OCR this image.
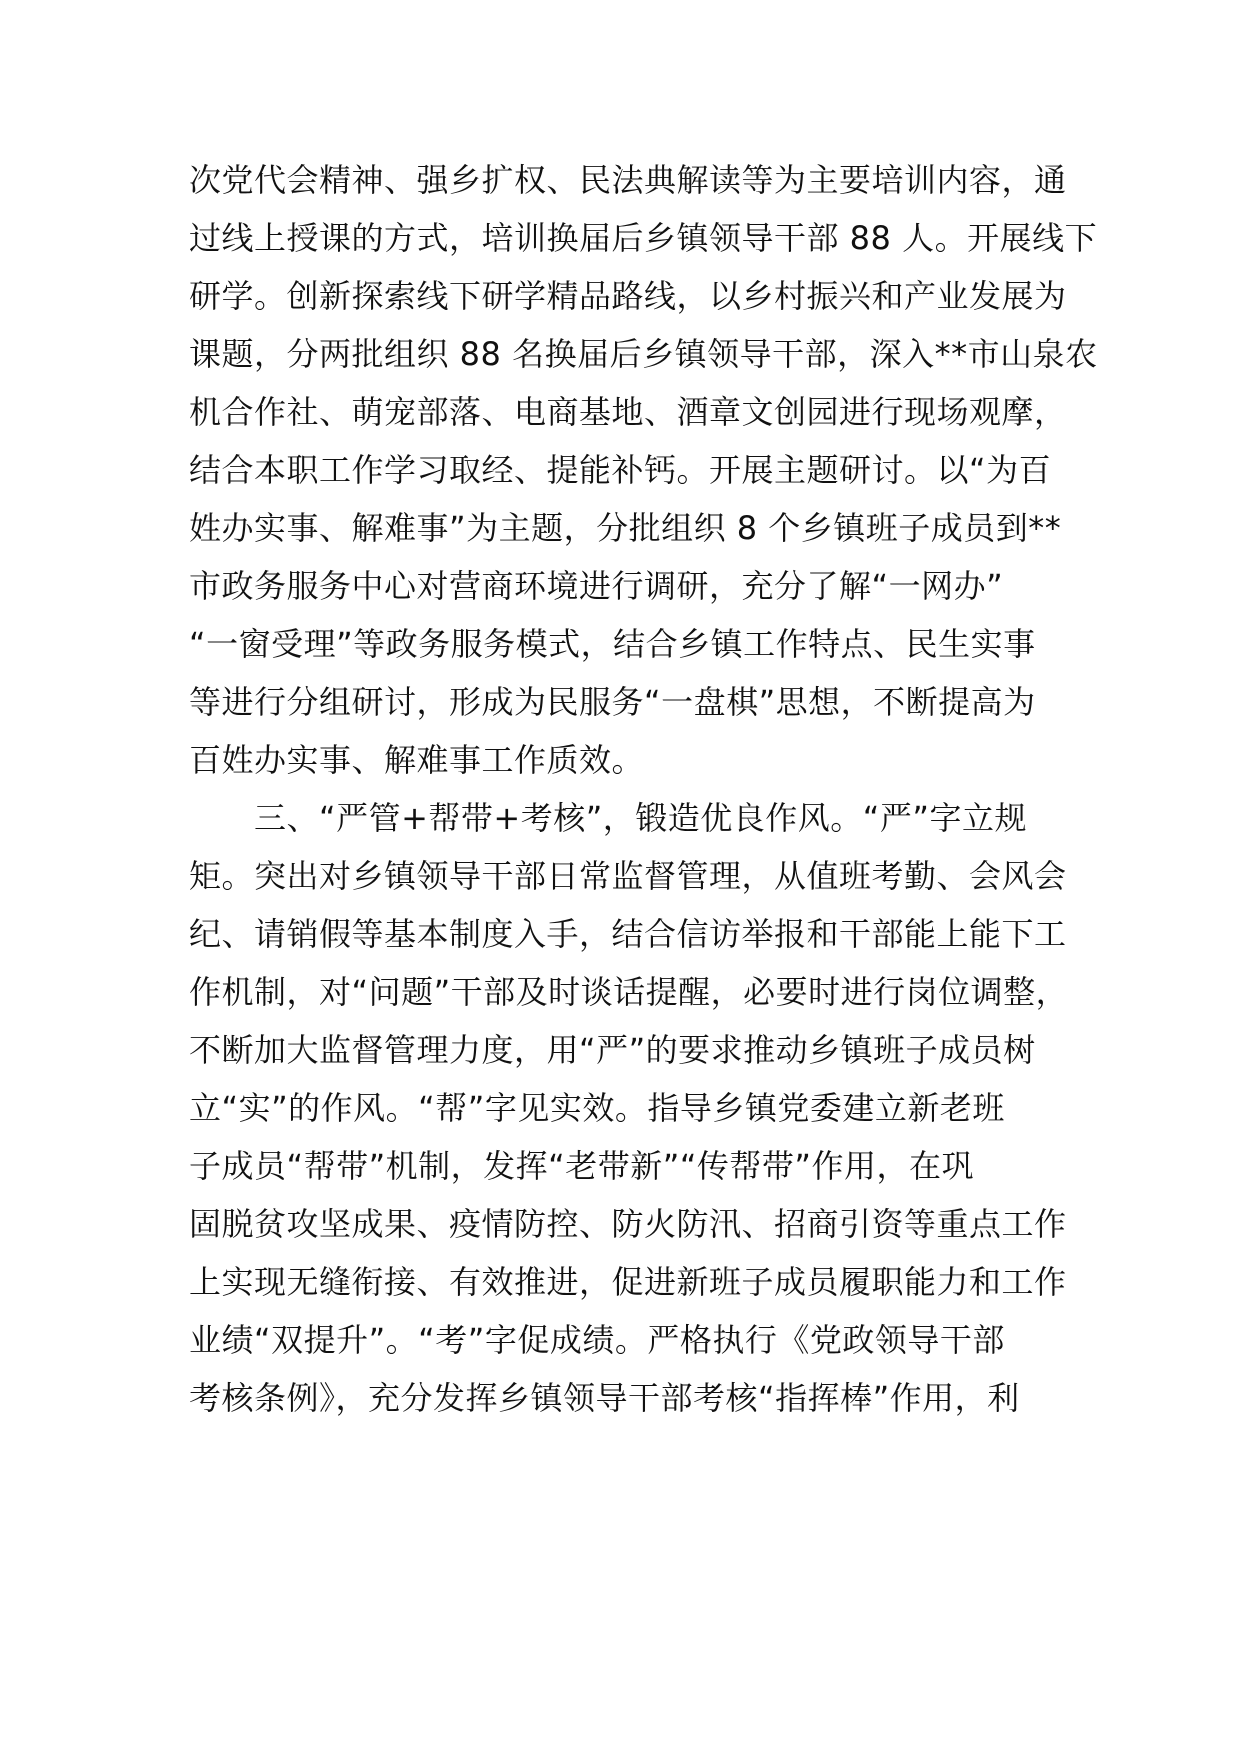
次党代会精神、强乡扩权、民法典解读等为主要培训内容，通
过线上授课的方式，培训换届后乡镇领导干部 88 人。开展线下
研学。创新探索线下研学精品路线，以乡村振兴和产业发展为
课题，分两批组织 88 名换届后乡镇领导干部，深入**市山泉农
机合作社、萌宠部落、电商基地、酒章文创园进行现场观摩，
结合本职工作学习取经、提能补钙。开展主题研讨。以“为百
姓办实事、解难事”为主题，分批组织 8 个乡镇班子成员到**
市政务服务中心对营商环境进行调研，充分了解“一网办”
“一窗受理”等政务服务模式，结合乡镇工作特点、民生实事
等进行分组研讨，形成为民服务“一盘棋”思想，不断提高为
百姓办实事、解难事工作质效。
　　三、“严管+帮带+考核”，锻造优良作风。“严”字立规
矩。突出对乡镇领导干部日常监督管理，从值班考勤、会风会
纪、请销假等基本制度入手，结合信访举报和干部能上能下工
作机制，对“问题”干部及时谈话提醒，必要时进行岗位调整，
不断加大监督管理力度，用“严”的要求推动乡镇班子成员树
立“实”的作风。“帮”字见实效。指导乡镇党委建立新老班
子成员“帮带”机制，发挥“老带新”“传帮带”作用，在巩
固脱贫攻坚成果、疫情防控、防火防汛、招商引资等重点工作
上实现无缝衔接、有效推进，促进新班子成员履职能力和工作
业绩“双提升”。“考”字促成绩。严格执行《党政领导干部
考核条例》，充分发挥乡镇领导干部考核“指挥棒”作用，利
